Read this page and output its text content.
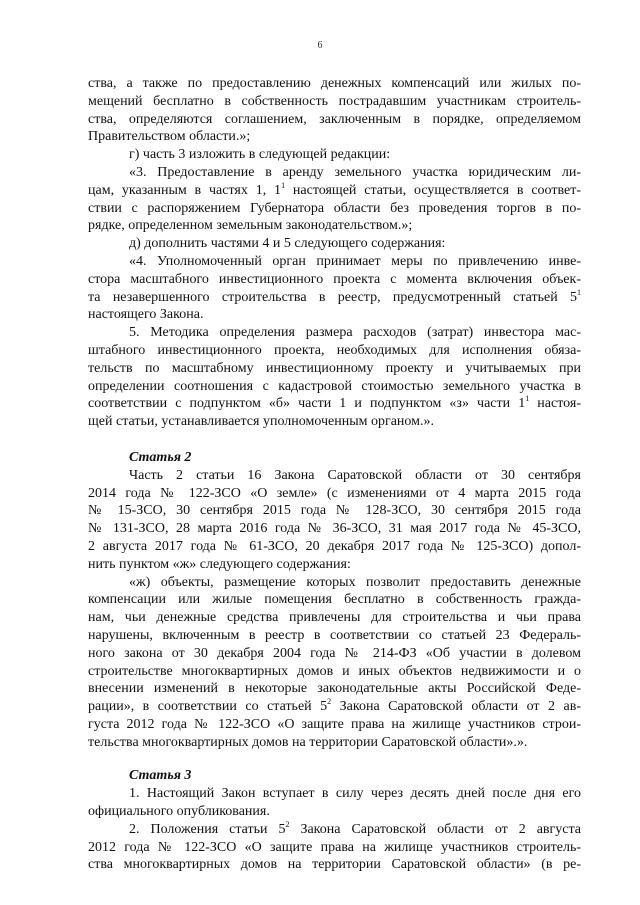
6

ства, а также по предоставлению денежных компенсаций или жилых по-
мещений бесплатно в собственность пострадавшим участникам строитель-
ства, определяются соглашением, заключенным в порядке, определяемом
Правительством области.»;

г) часть 3 изложить в следующей редакции:

«3. Предоставление в аренду земельного участка юридическим ли-
цам, указанным в частях 1, $1^1$ настоящей статьи, осуществляется в соответ-
ствии с распоряжением Губернатора области без проведения торгов в по-
рядке, определенном земельным законодательством.»;

д) дополнить частями 4 и 5 следующего содержания:

«4. Уполномоченный орган принимает меры по привлечению инве-
стора масштабного инвестиционного проекта с момента включения объек-
та незавершенного строительства в реестр, предусмотренный статьей $5^1$
настоящего Закона.

5. Методика определения размера расходов (затрат) инвестора мас-
штабного инвестиционного проекта, необходимых для исполнения обяза-
тельств по масштабному инвестиционному проекту и учитываемых при
определении соотношения с кадастровой стоимостью земельного участка в
соответствии с подпунктом «б» части 1 и подпунктом «з» части $1^1$ настоя-
щей статьи, устанавливается уполномоченным органом.».

Статья 2

Часть 2 статьи 16 Закона Саратовской области от 30 сентября
2014 года № 122-ЗСО «О земле» (с изменениями от 4 марта 2015 года
№ 15-ЗСО, 30 сентября 2015 года № 128-ЗСО, 30 сентября 2015 года
№ 131-ЗСО, 28 марта 2016 года № 36-ЗСО, 31 мая 2017 года № 45-ЗСО,
2 августа 2017 года № 61-ЗСО, 20 декабря 2017 года № 125-ЗСО) допол-
нить пунктом «ж» следующего содержания:

«ж) объекты, размещение которых позволит предоставить денежные
компенсации или жилые помещения бесплатно в собственность гражда-
нам, чьи денежные средства привлечены для строительства и чьи права
нарушены, включенным в реестр в соответствии со статьей 23 Федераль-
ного закона от 30 декабря 2004 года № 214-ФЗ «Об участии в долевом
строительстве многоквартирных домов и иных объектов недвижимости и о
внесении изменений в некоторые законодательные акты Российской Феде-
рации», в соответствии со статьей $5^2$ Закона Саратовской области от 2 ав-
густа 2012 года № 122-ЗСО «О защите права на жилище участников строи-
тельства многоквартирных домов на территории Саратовской области».».

Статья 3

1. Настоящий Закон вступает в силу через десять дней после дня его
официального опубликования.

2. Положения статьи $5^2$ Закона Саратовской области от 2 августа
2012 года № 122-ЗСО «О защите права на жилище участников строитель-
ства многоквартирных домов на территории Саратовской области» (в ре-
